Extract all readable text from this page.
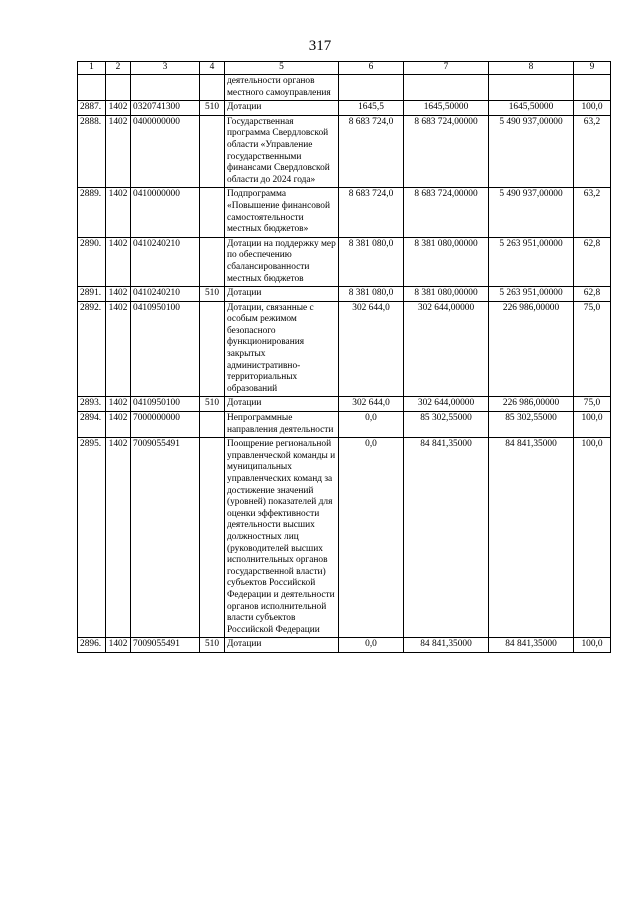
317
1	2	3	4	5	6	7	8	9
				деятельности органов местного самоуправления				
2887.	1402	0320741300	510	Дотации	1645,5	1645,50000	1645,50000	100,0
2888.	1402	0400000000		Государственная программа Свердловской области «Управление государственными финансами Свердловской области до 2024 года»	8 683 724,0	8 683 724,00000	5 490 937,00000	63,2
2889.	1402	0410000000		Подпрограмма «Повышение финансовой самостоятельности местных бюджетов»	8 683 724,0	8 683 724,00000	5 490 937,00000	63,2
2890.	1402	0410240210		Дотации на поддержку мер по обеспечению сбалансированности местных бюджетов	8 381 080,0	8 381 080,00000	5 263 951,00000	62,8
2891.	1402	0410240210	510	Дотации	8 381 080,0	8 381 080,00000	5 263 951,00000	62,8
2892.	1402	0410950100		Дотации, связанные с особым режимом безопасного функционирования закрытых административно-территориальных образований	302 644,0	302 644,00000	226 986,00000	75,0
2893.	1402	0410950100	510	Дотации	302 644,0	302 644,00000	226 986,00000	75,0
2894.	1402	7000000000		Непрограммные направления деятельности	0,0	85 302,55000	85 302,55000	100,0
2895.	1402	7009055491		Поощрение региональной управленческой команды и муниципальных управленческих команд за достижение значений (уровней) показателей для оценки эффективности деятельности высших должностных лиц (руководителей высших исполнительных органов государственной власти) субъектов Российской Федерации и деятельности органов исполнительной власти субъектов Российской Федерации	0,0	84 841,35000	84 841,35000	100,0
2896.	1402	7009055491	510	Дотации	0,0	84 841,35000	84 841,35000	100,0
